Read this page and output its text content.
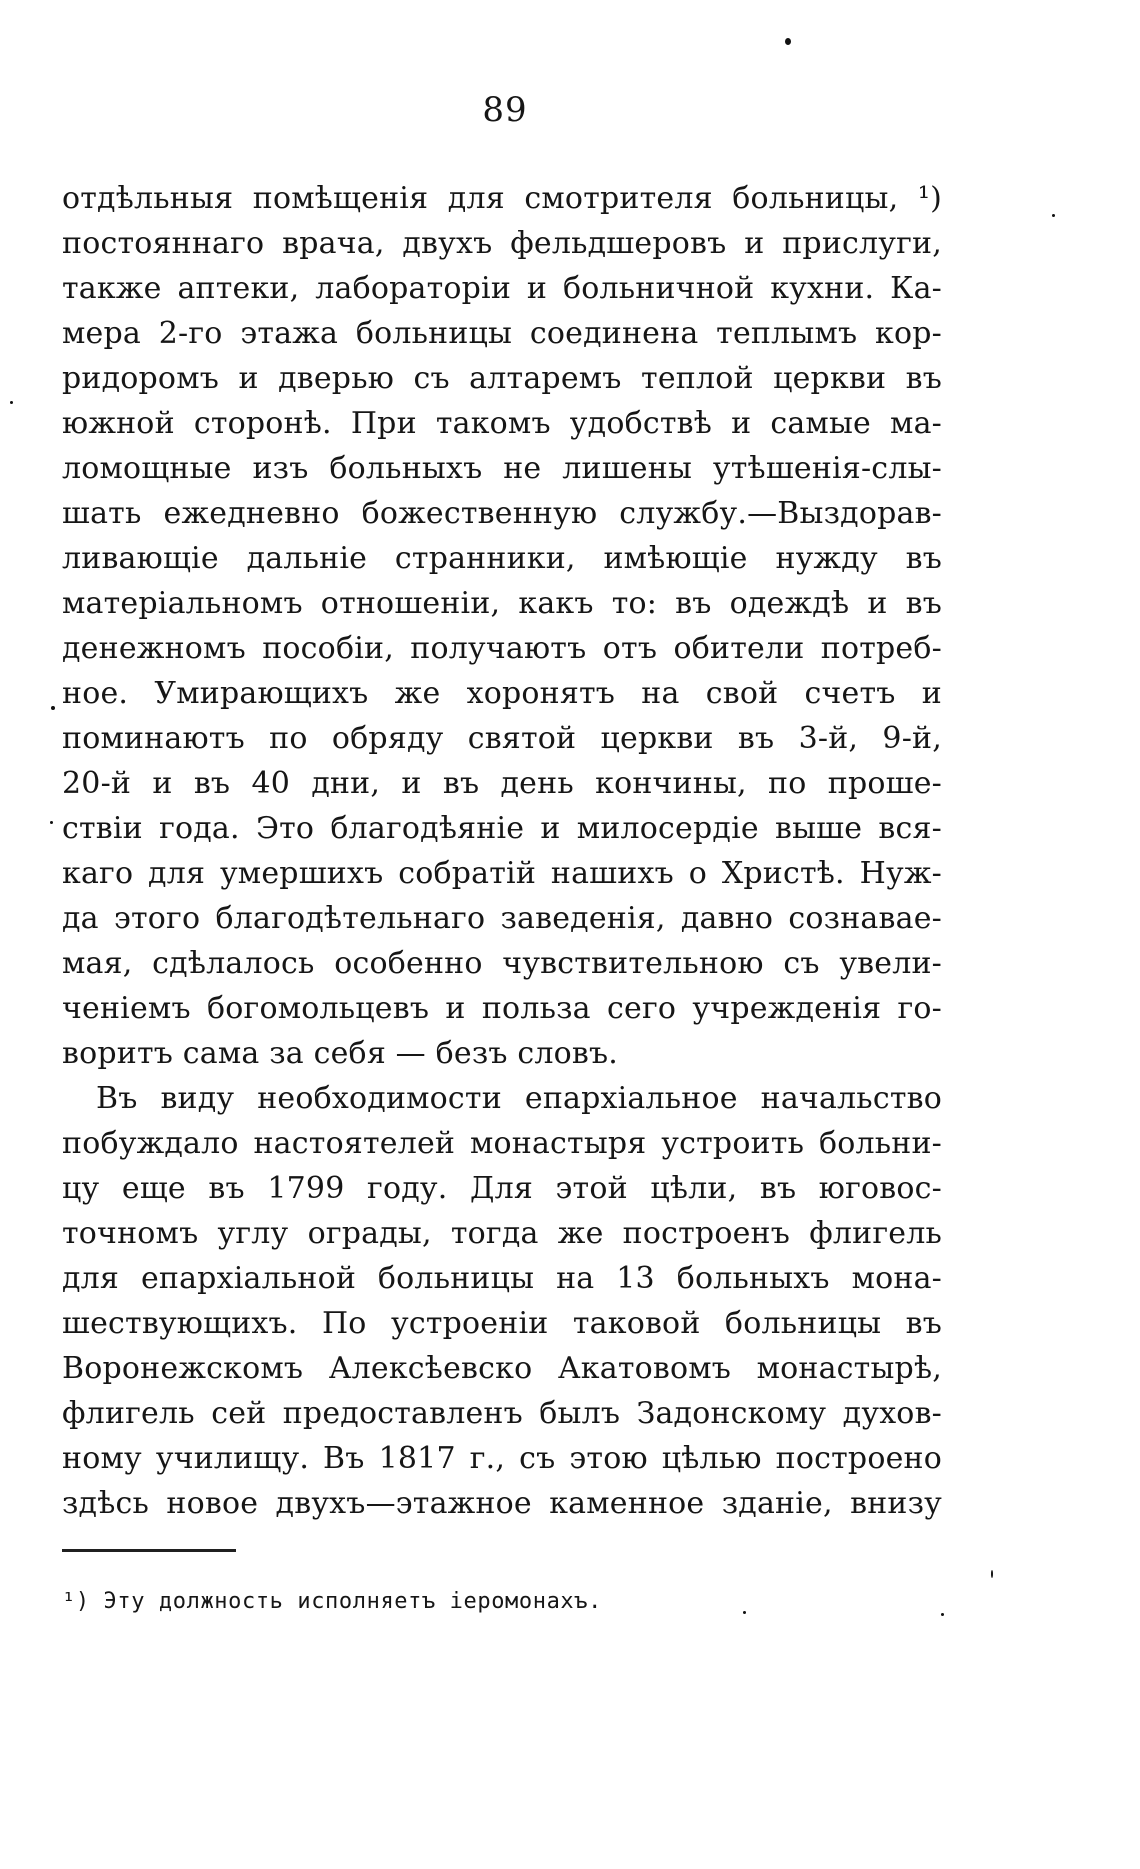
89
отдѣльныя помѣщенія для смотрителя больницы, ¹)
постояннаго врача, двухъ фельдшеровъ и прислуги,
также аптеки, лабораторіи и больничной кухни. Ка-
мера 2-го этажа больницы соединена теплымъ кор-
ридоромъ и дверью съ алтаремъ теплой церкви въ
южной сторонѣ. При такомъ удобствѣ и самые ма-
ломощные изъ больныхъ не лишены утѣшенія-слы-
шать ежедневно божественную службу.—Выздорав-
ливающіе дальніе странники, имѣющіе нужду въ
матеріальномъ отношеніи, какъ то: въ одеждѣ и въ
денежномъ пособіи, получаютъ отъ обители потреб-
ное. Умирающихъ же хоронятъ на свой счетъ и
поминаютъ по обряду святой церкви въ 3-й, 9-й,
20-й и въ 40 дни, и въ день кончины, по проше-
ствіи года. Это благодѣяніе и милосердіе выше вся-
каго для умершихъ собратій нашихъ о Христѣ. Нуж-
да этого благодѣтельнаго заведенія, давно сознавае-
мая, сдѣлалось особенно чувствительною съ увели-
ченіемъ богомольцевъ и польза сего учрежденія го-
воритъ сама за себя — безъ словъ.
Въ виду необходимости епархіальное начальство
побуждало настоятелей монастыря устроить больни-
цу еще въ 1799 году. Для этой цѣли, въ юговос-
точномъ углу ограды, тогда же построенъ флигель
для епархіальной больницы на 13 больныхъ мона-
шествующихъ. По устроеніи таковой больницы въ
Воронежскомъ Алексѣевско Акатовомъ монастырѣ,
флигель сей предоставленъ былъ Задонскому духов-
ному училищу. Въ 1817 г., съ этою цѣлью построено
здѣсь новое двухъ—этажное каменное зданіе, внизу
¹) Эту должность исполняетъ іеромонахъ.
